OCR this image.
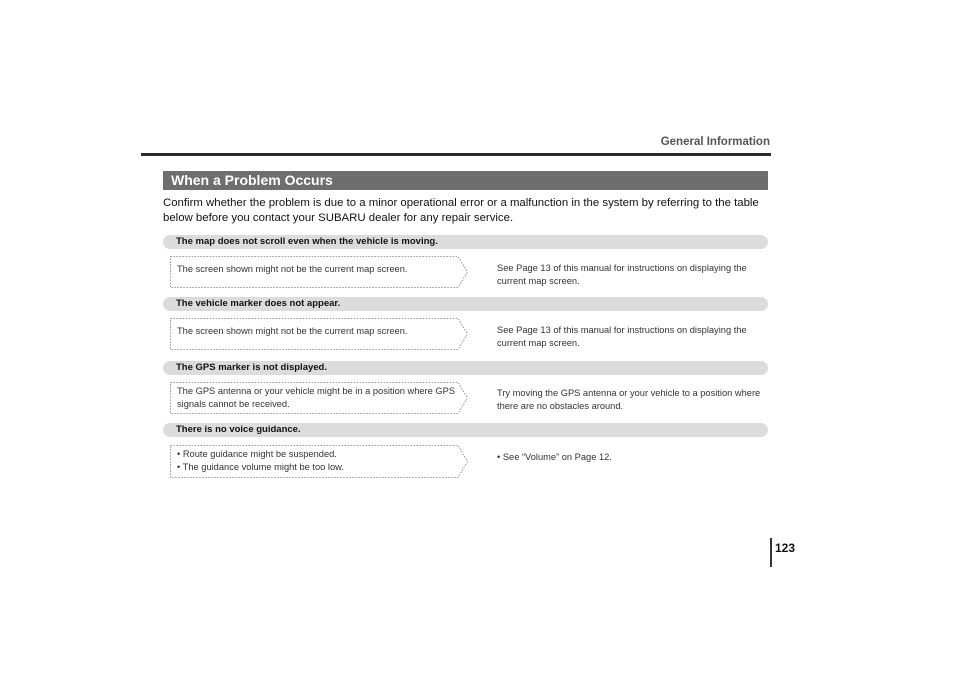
General Information
When a Problem Occurs
Confirm whether the problem is due to a minor operational error or a malfunction in the system by referring to the table below before you contact your SUBARU dealer for any repair service.
The map does not scroll even when the vehicle is moving.
The screen shown might not be the current map screen.	See Page 13 of this manual for instructions on displaying the current map screen.
The vehicle marker does not appear.
The screen shown might not be the current map screen.	See Page 13 of this manual for instructions on displaying the current map screen.
The GPS marker is not displayed.
The GPS antenna or your vehicle might be in a position where GPS signals cannot be received.
Try moving the GPS antenna or your vehicle to a position where there are no obstacles around.
There is no voice guidance.
• Route guidance might be suspended.
• The guidance volume might be too low.
• See “Volume” on Page 12.
123
